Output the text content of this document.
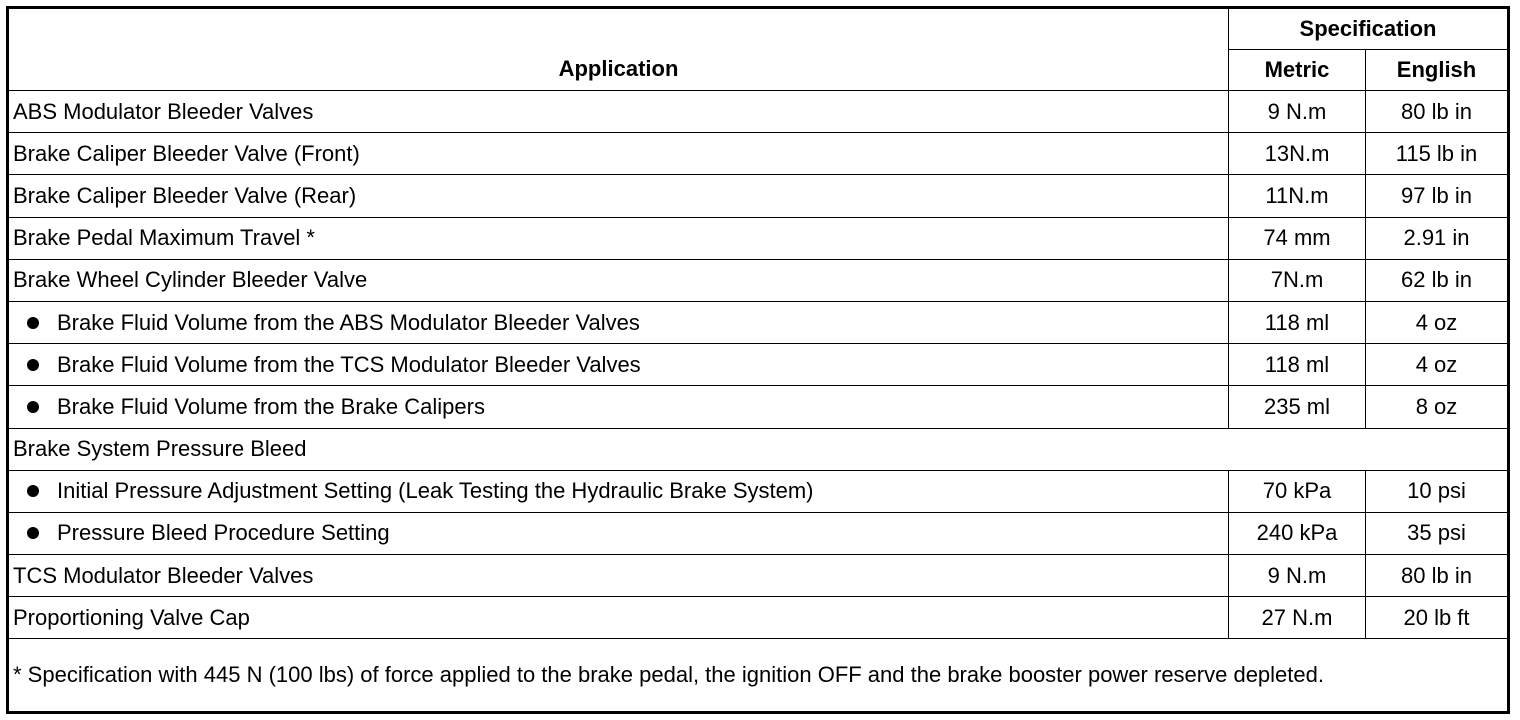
Application	Specification	
	Metric	English
ABS Modulator Bleeder Valves	9 N.m	80 lb in
Brake Caliper Bleeder Valve (Front)	13N.m	115 lb in
Brake Caliper Bleeder Valve (Rear)	11N.m	97 lb in
Brake Pedal Maximum Travel *	74 mm	2.91 in
Brake Wheel Cylinder Bleeder Valve	7N.m	62 lb in
Brake Fluid Volume from the ABS Modulator Bleeder Valves	118 ml	4 oz
Brake Fluid Volume from the TCS Modulator Bleeder Valves	118 ml	4 oz
Brake Fluid Volume from the Brake Calipers	235 ml	8 oz
Brake System Pressure Bleed		
Initial Pressure Adjustment Setting (Leak Testing the Hydraulic Brake System)	70 kPa	10 psi
Pressure Bleed Procedure Setting	240 kPa	35 psi
TCS Modulator Bleeder Valves	9 N.m	80 lb in
Proportioning Valve Cap	27 N.m	20 lb ft
* Specification with 445 N (100 lbs) of force applied to the brake pedal, the ignition OFF and the brake booster power reserve depleted.		
